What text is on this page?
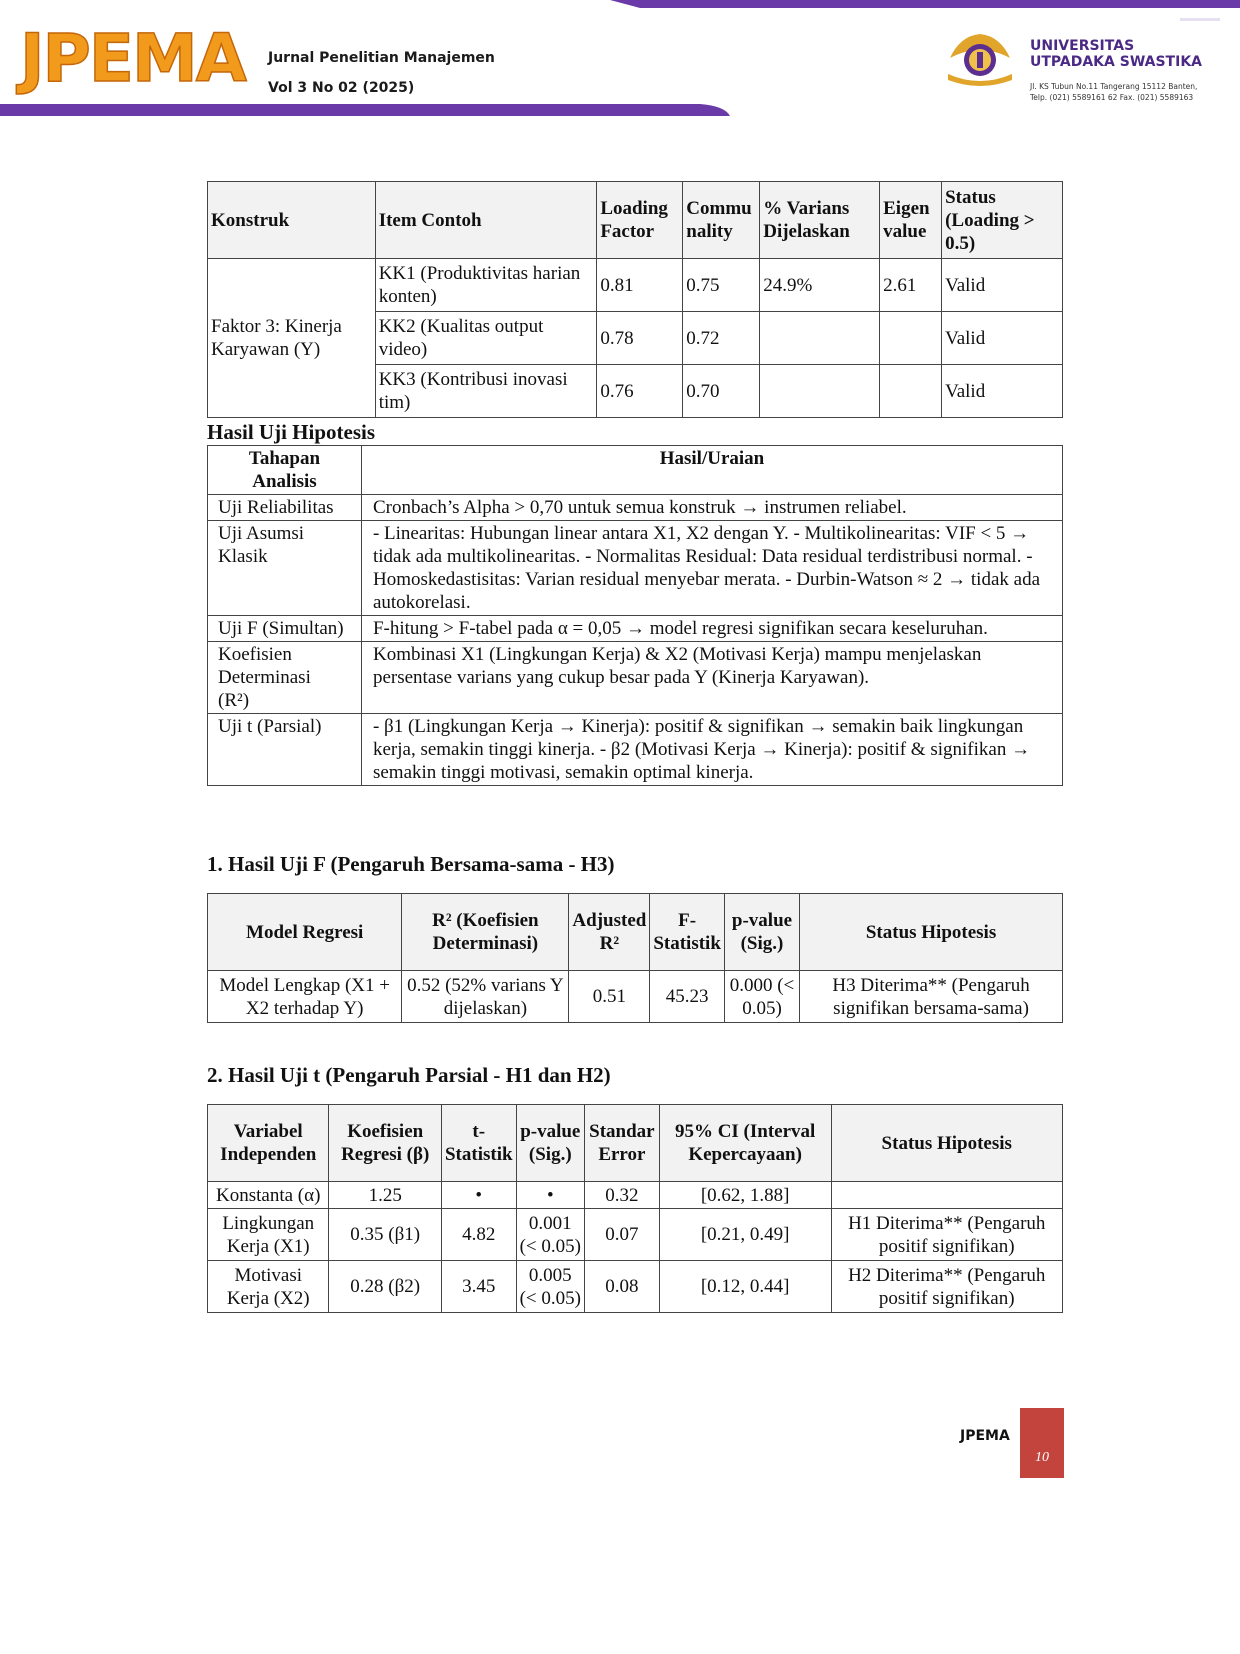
JPEMA Jurnal Penelitian Manajemen
Vol 3 No 02 (2025)
UNIVERSITAS
UTPADAKA SWASTIKA
Jl. KS Tubun No.11 Tangerang 15112 Banten,
Telp. (021) 5589161 62 Fax. (021) 5589163
Konstruk	Item Contoh	Loading Factor	Commu nality	% Varians Dijelaskan	Eigen value	Status (Loading > 0.5)
Faktor 3: Kinerja Karyawan (Y)	KK1 (Produktivitas harian konten)	0.81	0.75	24.9%	2.61	Valid
	KK2 (Kualitas output video)	0.78	0.72			Valid
	KK3 (Kontribusi inovasi tim)	0.76	0.70			Valid
Hasil Uji Hipotesis
Tahapan Analisis	Hasil/Uraian
Uji Reliabilitas	Cronbach’s Alpha > 0,70 untuk semua konstruk → instrumen reliabel.
Uji Asumsi Klasik	- Linearitas: Hubungan linear antara X1, X2 dengan Y. - Multikolinearitas: VIF < 5 → tidak ada multikolinearitas. - Normalitas Residual: Data residual terdistribusi normal. - Homoskedastisitas: Varian residual menyebar merata. - Durbin-Watson ≈ 2 → tidak ada autokorelasi.
Uji F (Simultan)	F-hitung > F-tabel pada α = 0,05 → model regresi signifikan secara keseluruhan.
Koefisien Determinasi (R²)	Kombinasi X1 (Lingkungan Kerja) & X2 (Motivasi Kerja) mampu menjelaskan persentase varians yang cukup besar pada Y (Kinerja Karyawan).
Uji t (Parsial)	- β1 (Lingkungan Kerja → Kinerja): positif & signifikan → semakin baik lingkungan kerja, semakin tinggi kinerja. - β2 (Motivasi Kerja → Kinerja): positif & signifikan → semakin tinggi motivasi, semakin optimal kinerja.
1. Hasil Uji F (Pengaruh Bersama-sama - H3)
Model Regresi	R² (Koefisien Determinasi)	Adjusted R²	F-Statistik	p-value (Sig.)	Status Hipotesis
Model Lengkap (X1 + X2 terhadap Y)	0.52 (52% varians Y dijelaskan)	0.51	45.23	0.000 (< 0.05)	H3 Diterima** (Pengaruh signifikan bersama-sama)
2. Hasil Uji t (Pengaruh Parsial - H1 dan H2)
Variabel Independen	Koefisien Regresi (β)	t-Statistik	p-value (Sig.)	Standar Error	95% CI (Interval Kepercayaan)	Status Hipotesis
Konstanta (α)	1.25	•	•	0.32	[0.62, 1.88]	
Lingkungan Kerja (X1)	0.35 (β1)	4.82	0.001 (< 0.05)	0.07	[0.21, 0.49]	H1 Diterima** (Pengaruh positif signifikan)
Motivasi Kerja (X2)	0.28 (β2)	3.45	0.005 (< 0.05)	0.08	[0.12, 0.44]	H2 Diterima** (Pengaruh positif signifikan)
JPEMA
10
